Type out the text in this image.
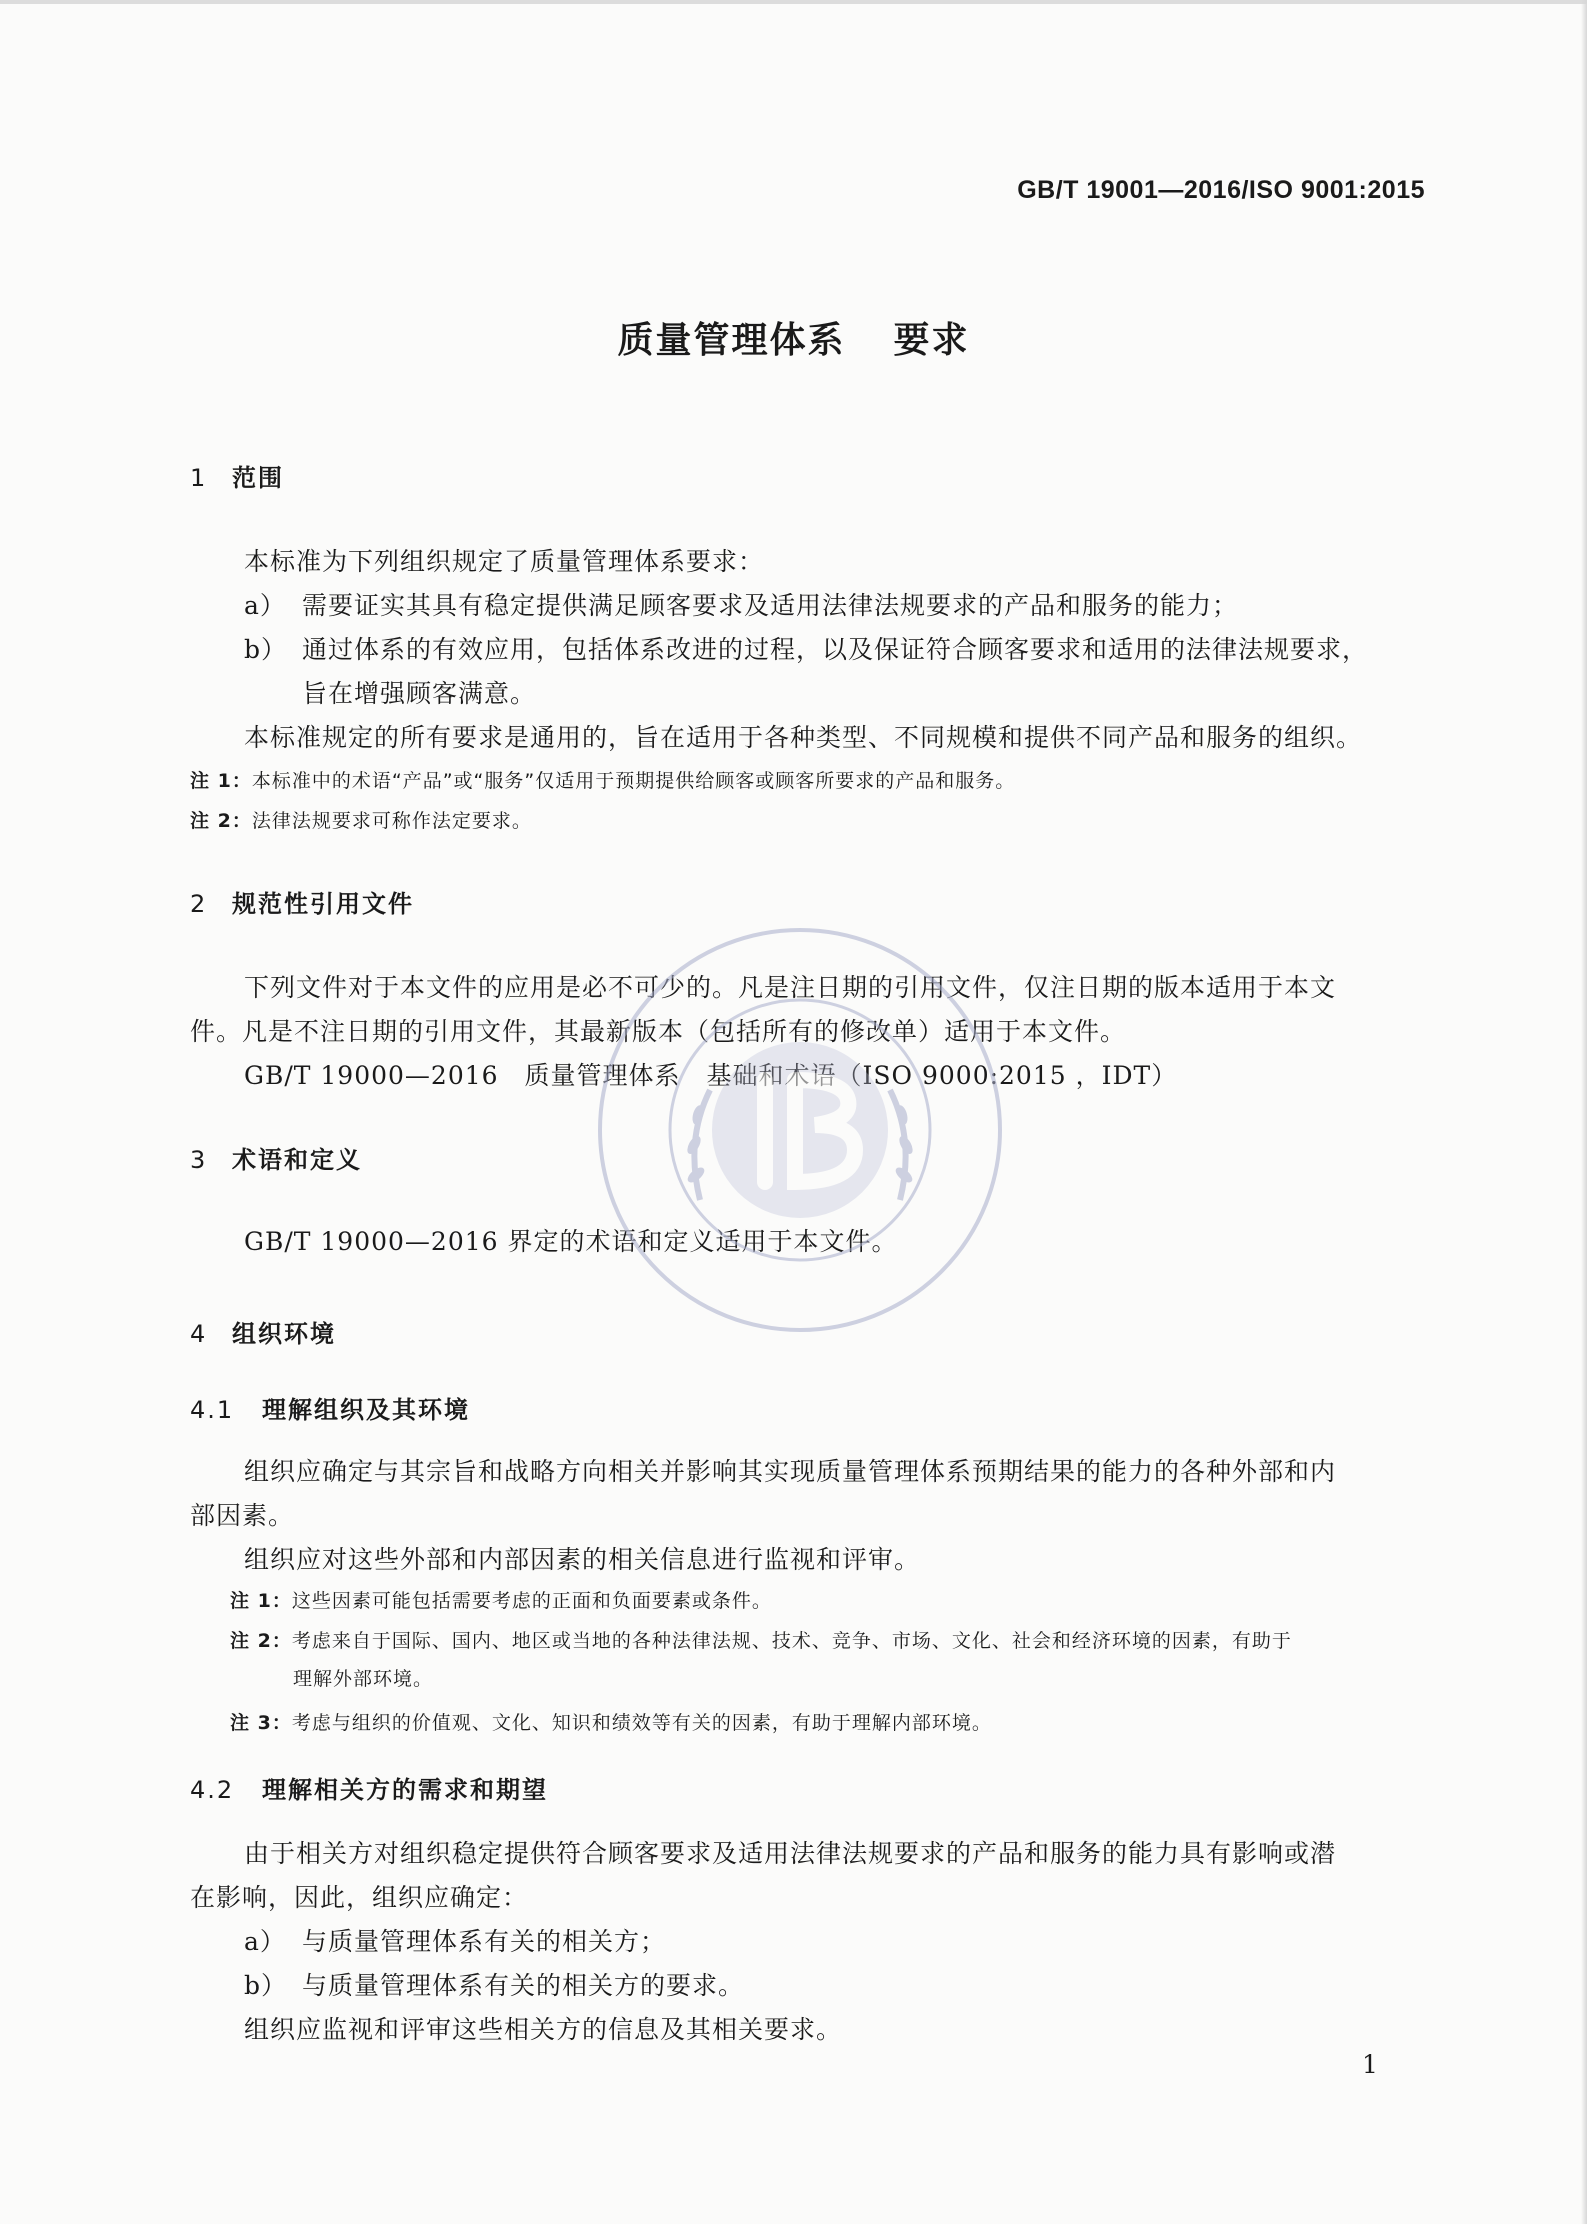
GB/T 19001—2016/ISO 9001:2015
质量管理体系 要求
1 范围
本标准为下列组织规定了质量管理体系要求：
a） 需要证实其具有稳定提供满足顾客要求及适用法律法规要求的产品和服务的能力；
b） 通过体系的有效应用，包括体系改进的过程，以及保证符合顾客要求和适用的法律法规要求，
旨在增强顾客满意。
本标准规定的所有要求是通用的，旨在适用于各种类型、不同规模和提供不同产品和服务的组织。
注 1：本标准中的术语“产品”或“服务”仅适用于预期提供给顾客或顾客所要求的产品和服务。
注 2：法律法规要求可称作法定要求。
2 规范性引用文件
下列文件对于本文件的应用是必不可少的。凡是注日期的引用文件，仅注日期的版本适用于本文
件。凡是不注日期的引用文件，其最新版本（包括所有的修改单）适用于本文件。
GB/T 19000—2016　质量管理体系　基础和术语（ISO 9000:2015 ，IDT）
3 术语和定义
GB/T 19000—2016 界定的术语和定义适用于本文件。
4 组织环境
4.1 理解组织及其环境
组织应确定与其宗旨和战略方向相关并影响其实现质量管理体系预期结果的能力的各种外部和内
部因素。
组织应对这些外部和内部因素的相关信息进行监视和评审。
注 1：这些因素可能包括需要考虑的正面和负面要素或条件。
注 2：考虑来自于国际、国内、地区或当地的各种法律法规、技术、竞争、市场、文化、社会和经济环境的因素，有助于
理解外部环境。
注 3：考虑与组织的价值观、文化、知识和绩效等有关的因素，有助于理解内部环境。
4.2 理解相关方的需求和期望
由于相关方对组织稳定提供符合顾客要求及适用法律法规要求的产品和服务的能力具有影响或潜
在影响，因此，组织应确定：
a） 与质量管理体系有关的相关方；
b） 与质量管理体系有关的相关方的要求。
组织应监视和评审这些相关方的信息及其相关要求。
1
